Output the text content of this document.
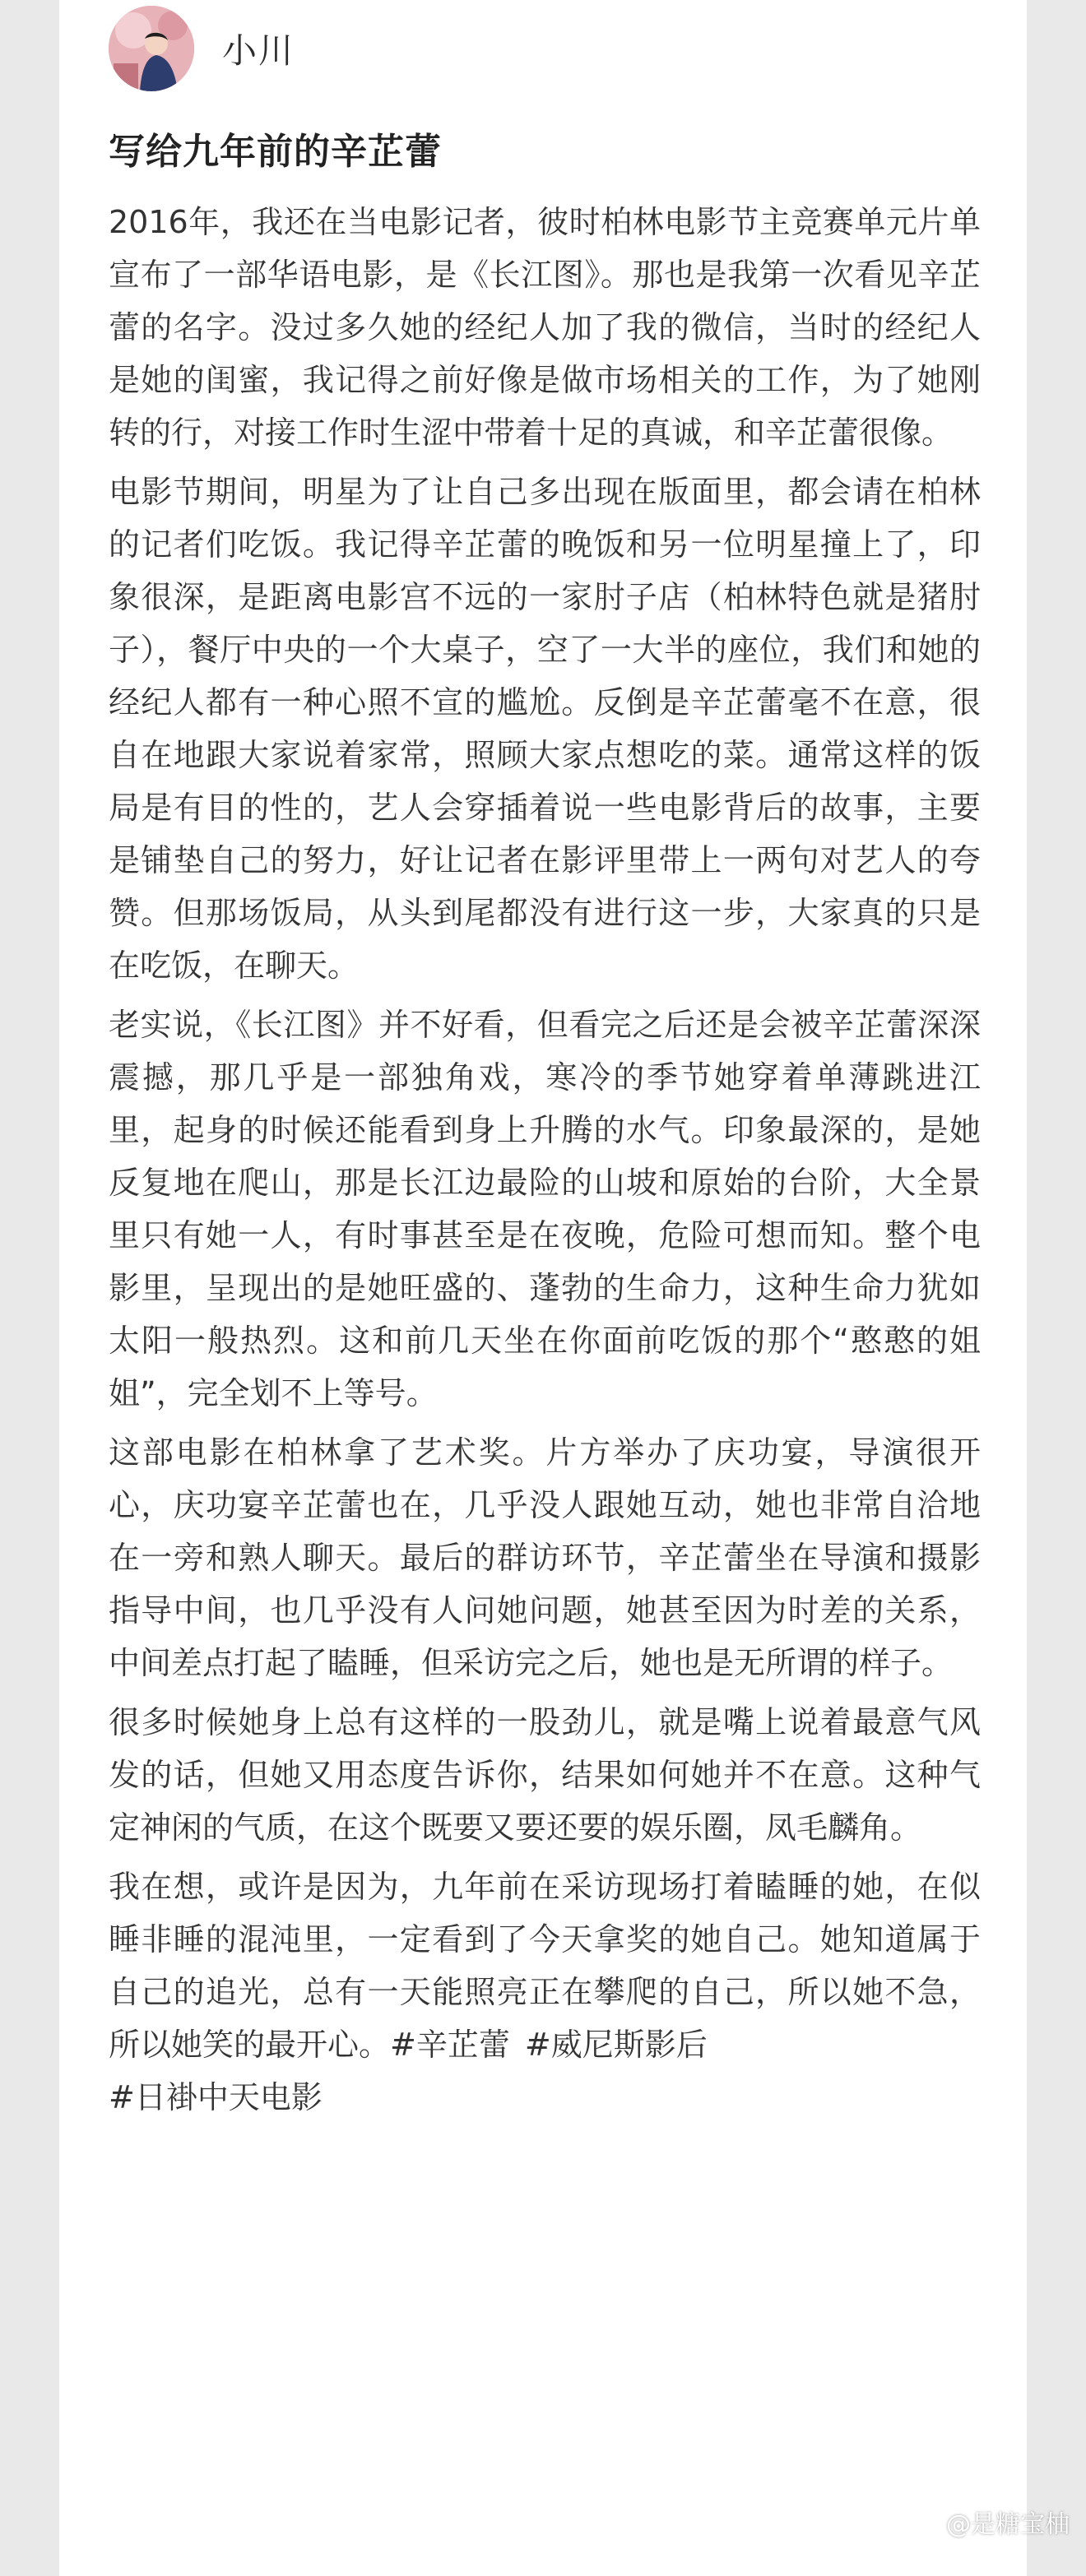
小川
写给九年前的辛芷蕾

2016年，我还在当电影记者，彼时柏林电影节主竞赛单元片单宣布了一部华语电影，是《长江图》。那也是我第一次看见辛芷蕾的名字。没过多久她的经纪人加了我的微信，当时的经纪人是她的闺蜜，我记得之前好像是做市场相关的工作，为了她刚转的行，对接工作时生涩中带着十足的真诚，和辛芷蕾很像。

电影节期间，明星为了让自己多出现在版面里，都会请在柏林的记者们吃饭。我记得辛芷蕾的晚饭和另一位明星撞上了，印象很深，是距离电影宫不远的一家肘子店（柏林特色就是猪肘子），餐厅中央的一个大桌子，空了一大半的座位，我们和她的经纪人都有一种心照不宣的尴尬。反倒是辛芷蕾毫不在意，很自在地跟大家说着家常，照顾大家点想吃的菜。通常这样的饭局是有目的性的，艺人会穿插着说一些电影背后的故事，主要是铺垫自己的努力，好让记者在影评里带上一两句对艺人的夸赞。但那场饭局，从头到尾都没有进行这一步，大家真的只是在吃饭，在聊天。

老实说，《长江图》并不好看，但看完之后还是会被辛芷蕾深深震撼，那几乎是一部独角戏，寒冷的季节她穿着单薄跳进江里，起身的时候还能看到身上升腾的水气。印象最深的，是她反复地在爬山，那是长江边最险的山坡和原始的台阶，大全景里只有她一人，有时事甚至是在夜晚，危险可想而知。整个电影里，呈现出的是她旺盛的、蓬勃的生命力，这种生命力犹如太阳一般热烈。这和前几天坐在你面前吃饭的那个“憨憨的姐姐”，完全划不上等号。

这部电影在柏林拿了艺术奖。片方举办了庆功宴，导演很开心，庆功宴辛芷蕾也在，几乎没人跟她互动，她也非常自洽地在一旁和熟人聊天。最后的群访环节，辛芷蕾坐在导演和摄影指导中间，也几乎没有人问她问题，她甚至因为时差的关系，中间差点打起了瞌睡，但采访完之后，她也是无所谓的样子。

很多时候她身上总有这样的一股劲儿，就是嘴上说着最意气风发的话，但她又用态度告诉你，结果如何她并不在意。这种气定神闲的气质，在这个既要又要还要的娱乐圈，凤毛麟角。

我在想，或许是因为，九年前在采访现场打着瞌睡的她，在似睡非睡的混沌里，一定看到了今天拿奖的她自己。她知道属于自己的追光，总有一天能照亮正在攀爬的自己，所以她不急，所以她笑的最开心。#辛芷蕾 #威尼斯影后
#日褂中天电影

@是糖宝柚
